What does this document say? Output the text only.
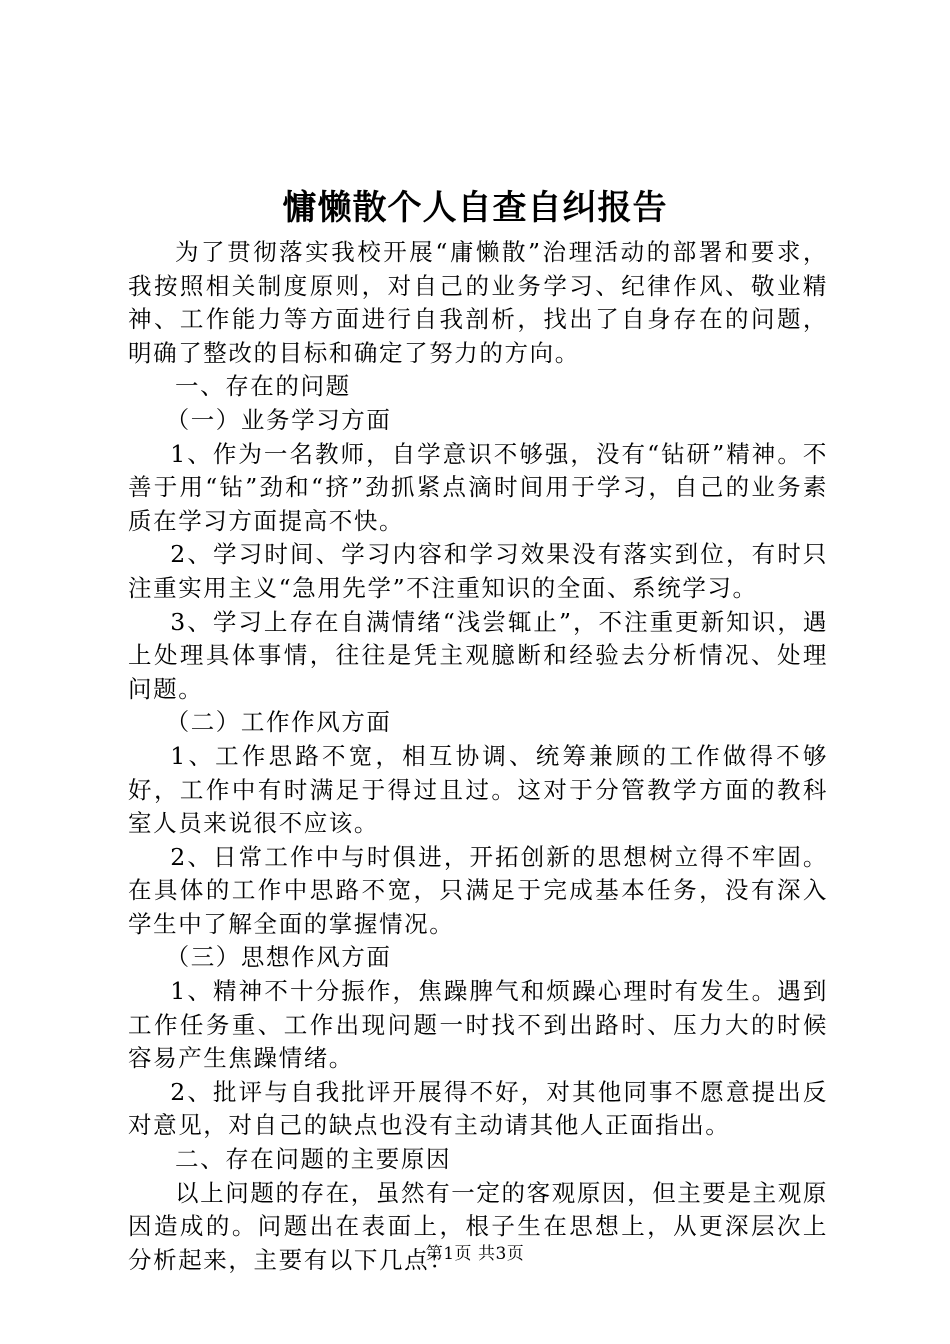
慵懒散个人自查自纠报告

为了贯彻落实我校开展“庸懒散”治理活动的部署和要求，我按照相关制度原则，对自己的业务学习、纪律作风、敬业精神、工作能力等方面进行自我剖析，找出了自身存在的问题，明确了整改的目标和确定了努力的方向。

一、存在的问题

（一）业务学习方面

1、作为一名教师，自学意识不够强，没有“钻研”精神。不善于用“钻”劲和“挤”劲抓紧点滴时间用于学习，自己的业务素质在学习方面提高不快。

2、学习时间、学习内容和学习效果没有落实到位，有时只注重实用主义“急用先学”不注重知识的全面、系统学习。

3、学习上存在自满情绪“浅尝辄止”，不注重更新知识，遇上处理具体事情，往往是凭主观臆断和经验去分析情况、处理问题。

（二）工作作风方面

1、工作思路不宽，相互协调、统筹兼顾的工作做得不够好，工作中有时满足于得过且过。这对于分管教学方面的教科室人员来说很不应该。

2、日常工作中与时俱进，开拓创新的思想树立得不牢固。在具体的工作中思路不宽，只满足于完成基本任务，没有深入学生中了解全面的掌握情况。

（三）思想作风方面

1、精神不十分振作，焦躁脾气和烦躁心理时有发生。遇到工作任务重、工作出现问题一时找不到出路时、压力大的时候容易产生焦躁情绪。

2、批评与自我批评开展得不好，对其他同事不愿意提出反对意见，对自己的缺点也没有主动请其他人正面指出。

二、存在问题的主要原因

以上问题的存在，虽然有一定的客观原因，但主要是主观原因造成的。问题出在表面上，根子生在思想上，从更深层次上分析起来，主要有以下几点：

第1页 共3页
